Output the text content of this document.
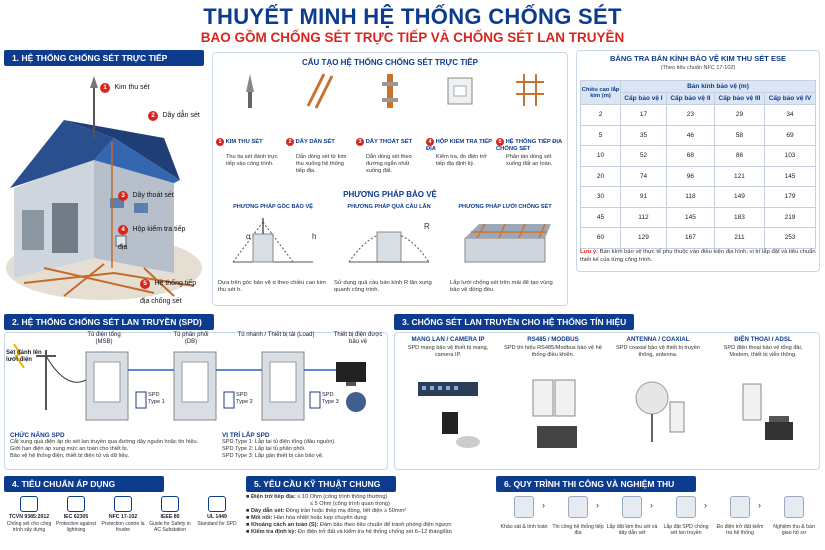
THUYẾT MINH HỆ THỐNG CHỐNG SÉT
BAO GỒM CHỐNG SÉT TRỰC TIẾP VÀ CHỐNG SÉT LAN TRUYỀN
1. HỆ THỐNG CHỐNG SÉT TRỰC TIẾP
1 Kim thu sét
2 Dây dẫn sét
3 Dây thoát sét
4 Hộp kiểm tra tiếp địa
5 Hệ thống tiếp địa chống sét
CẤU TẠO HỆ THỐNG CHỐNG SÉT TRỰC TIẾP
PHƯƠNG PHÁP BẢO VỆ
BẢNG TRA BÁN KÍNH BẢO VỆ KIM THU SÉT ESE
(Theo tiêu chuẩn NFC 17-102)
Chiều cao lắp kim (m)	Bán kính bảo vệ (m)			
	Cấp bảo vệ I	Cấp bảo vệ II	Cấp bảo vệ III	Cấp bảo vệ IV
2	17	23	29	34
5	35	46	58	69
10	52	68	86	103
20	74	96	121	145
30	91	118	149	179
45	112	145	183	219
60	129	167	211	253
Lưu ý: Bán kính bảo vệ thực tế phụ thuộc vào điều kiện địa hình, vị trí lắp đặt và tiêu chuẩn thiết kế của từng công trình.
2. HỆ THỐNG CHỐNG SÉT LAN TRUYỀN (SPD)
Sét đánh lên lưới điện
Tủ điện tổng (MSB)
Tủ phân phối (DB)
Tủ nhánh / Thiết bị tải (Load)	Thiết bị điện được bảo vệ
SPD Type 1
SPD Type 2
SPD Type 3
CHỨC NĂNG SPD
Cắt xung quá điện áp do sét lan truyền qua đường dây nguồn hoặc tín hiệu.
Giới hạn điện áp xung mức an toàn cho thiết bị.
Bảo vệ hệ thống điện, thiết bị điện tử và dữ liệu.
VỊ TRÍ LẮP SPD
SPD Type 1: Lắp tại tủ điện tổng (đầu nguồn).
SPD Type 2: Lắp tại tủ phân phối.
SPD Type 3: Lắp gần thiết bị cần bảo vệ.
3. CHỐNG SÉT LAN TRUYỀN CHO HỆ THỐNG TÍN HIỆU
4. TIÊU CHUẨN ÁP DỤNG	5. YÊU CẦU KỸ THUẬT CHUNG
■ Điện trở tiếp địa: ≤ 10 Ohm (công trình thông thường)
≤ 5 Ohm (công trình quan trọng)
■ Dây dẫn sét: Đồng trần hoặc thép mạ đồng, tiết diện ≥ 50mm²
■ Mối nối: Hàn hóa nhiệt hoặc kẹp chuyên dụng
■ Khoảng cách an toàn (S): Đảm bảo theo tiêu chuẩn để tránh phóng điện ngược
■ Kiểm tra định kỳ: Đo điện trở đất và kiểm tra hệ thống chống sét 6–12 tháng/lần
6. QUY TRÌNH THI CÔNG VÀ NGHIỆM THU
1 KIM THU SÉT
Thu tia sét đánh trực tiếp vào công trình.
2 DÂY DẪN SÉT
Dẫn dòng sét từ kim thu xuống hệ thống tiếp địa.
3 DÂY THOÁT SÉT
Dẫn dòng sét theo đường ngắn nhất xuống đất.
4 HỘP KIỂM TRA TIẾP ĐỊA
Kiểm tra, đo điện trở tiếp địa định kỳ.
5 HỆ THỐNG TIẾP ĐỊA CHỐNG SÉT
Phân tán dòng sét xuống đất an toàn.
PHƯƠNG PHÁP GÓC BẢO VỆ
Dựa trên góc bảo vệ α theo chiều cao kim thu sét h.
PHƯƠNG PHÁP QUẢ CẦU LĂN
Sử dụng quả cầu bán kính R lăn xung quanh công trình.
PHƯƠNG PHÁP LƯỚI CHỐNG SÉT
Lắp lưới chống sét trên mái để tạo vùng bảo vệ đồng đều.
α	h
R
MẠNG LAN / CAMERA IP
SPD mạng bảo vệ thiết bị mạng, camera IP.
RS485 / MODBUS
SPD tín hiệu RS485/Modbus bảo vệ hệ thống điều khiển.
ANTENNA / COAXIAL
SPD coaxial bảo vệ thiết bị truyền thông, antenna.
ĐIỆN THOẠI / ADSL
SPD điện thoại bảo vệ tổng đài, Modem, thiết bị viễn thông.
TCVN 9385:2012
Chống sét cho công trình xây dựng
IEC 62305
Protection against lightning
NFC 17-102
Protection contre la foudre
IEEE 80
Guide for Safety in AC Substation
UL 1449
Standard for SPD
›
Khảo sát & tính toán
›
Thi công hệ thống tiếp địa
›
Lắp đặt kim thu sét và dây dẫn sét
›
Lắp đặt SPD chống sét lan truyền
›
Đo điện trở đất kiểm tra hệ thống
Nghiệm thu & bàn giao hồ sơ
